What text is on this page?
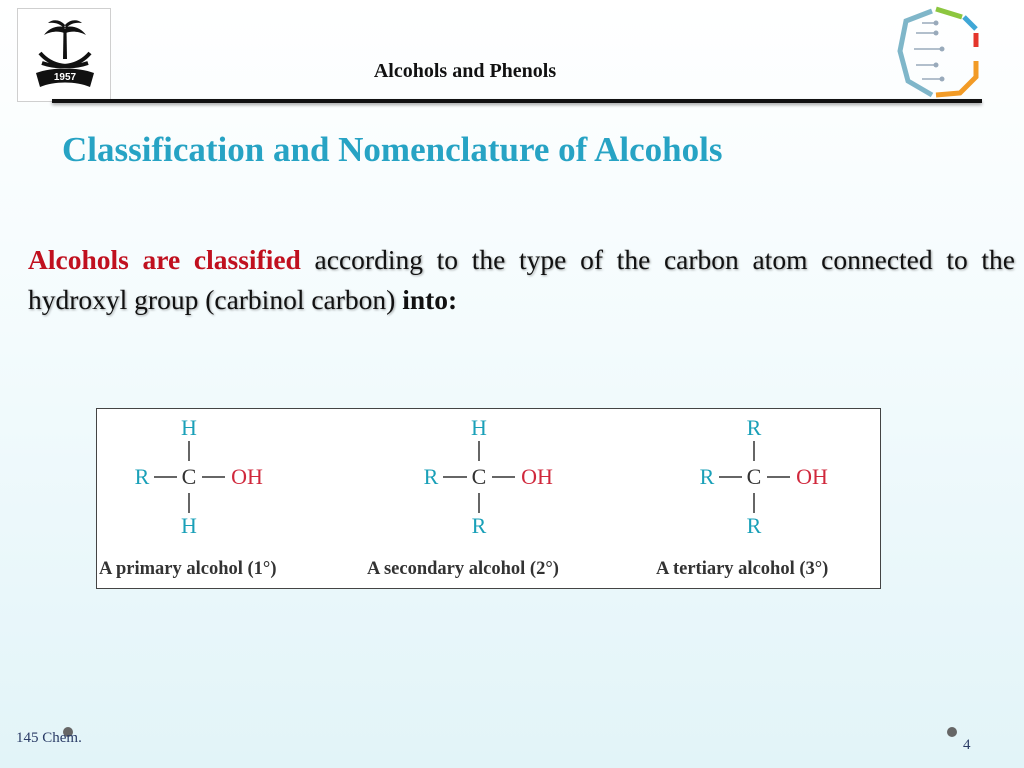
1957	Alcohols and Phenols
Classification and Nomenclature of Alcohols
Alcohols are classified according to the type of the carbon atom connected to the hydroxyl group (carbinol carbon) into:
H
R C OH
H
H
R C OH
R
R
R C OH
R
A primary alcohol (1°)	A secondary alcohol (2°)	A tertiary alcohol (3°)
145 Chem.	4
